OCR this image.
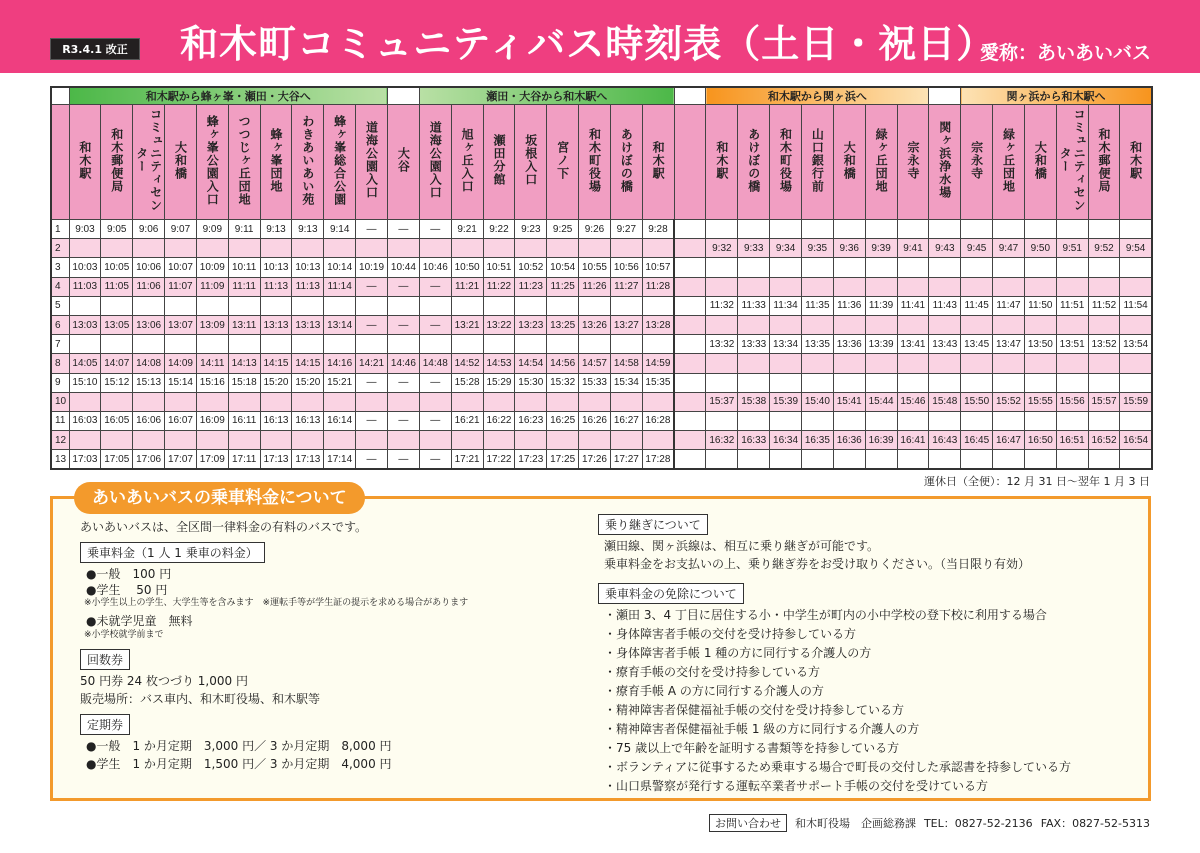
R3.4.1 改正	和木町コミュニティバス時刻表（土日・祝日）
愛称：あいあいバス
	和木駅から蜂ヶ峯・瀬田・大谷へ											瀬田・大谷から和木駅へ									和木駅から関ヶ浜へ								関ヶ浜から和木駅へ					
	和木駅	和木郵便局	コミュニティセンター	大和橋	蜂ヶ峯公園入口	つつじヶ丘団地	蜂ヶ峯団地	わきあいあい苑	蜂ヶ峯総合公園	道海公園入口	大谷	道海公園入口	旭ヶ丘入口	瀬田分館	坂根入口	宮ノ下	和木町役場	あけぼの橋	和木駅		和木駅	あけぼの橋	和木町役場	山口銀行前	大和橋	緑ヶ丘団地	宗永寺	関ヶ浜浄水場	宗永寺	緑ヶ丘団地	大和橋	コミュニティセンター	和木郵便局	和木駅
1	9:03	9:05	9:06	9:07	9:09	9:11	9:13	9:13	9:14	—	—	—	9:21	9:22	9:23	9:25	9:26	9:27	9:28															
2																					9:32	9:33	9:34	9:35	9:36	9:39	9:41	9:43	9:45	9:47	9:50	9:51	9:52	9:54
3	10:03	10:05	10:06	10:07	10:09	10:11	10:13	10:13	10:14	10:19	10:44	10:46	10:50	10:51	10:52	10:54	10:55	10:56	10:57															
4	11:03	11:05	11:06	11:07	11:09	11:11	11:13	11:13	11:14	—	—	—	11:21	11:22	11:23	11:25	11:26	11:27	11:28															
5																					11:32	11:33	11:34	11:35	11:36	11:39	11:41	11:43	11:45	11:47	11:50	11:51	11:52	11:54
6	13:03	13:05	13:06	13:07	13:09	13:11	13:13	13:13	13:14	—	—	—	13:21	13:22	13:23	13:25	13:26	13:27	13:28															
7																					13:32	13:33	13:34	13:35	13:36	13:39	13:41	13:43	13:45	13:47	13:50	13:51	13:52	13:54
8	14:05	14:07	14:08	14:09	14:11	14:13	14:15	14:15	14:16	14:21	14:46	14:48	14:52	14:53	14:54	14:56	14:57	14:58	14:59															
9	15:10	15:12	15:13	15:14	15:16	15:18	15:20	15:20	15:21	—	—	—	15:28	15:29	15:30	15:32	15:33	15:34	15:35															
10																					15:37	15:38	15:39	15:40	15:41	15:44	15:46	15:48	15:50	15:52	15:55	15:56	15:57	15:59
11	16:03	16:05	16:06	16:07	16:09	16:11	16:13	16:13	16:14	—	—	—	16:21	16:22	16:23	16:25	16:26	16:27	16:28															
12																					16:32	16:33	16:34	16:35	16:36	16:39	16:41	16:43	16:45	16:47	16:50	16:51	16:52	16:54
13	17:03	17:05	17:06	17:07	17:09	17:11	17:13	17:13	17:14	—	—	—	17:21	17:22	17:23	17:25	17:26	17:27	17:28															
運休日（全便）：12 月 31 日〜翌年 1 月 3 日
あいあいバスの乗車料金について
あいあいバスは、全区間一律料金の有料のバスです。
乗車料金（1 人 1 乗車の料金）
●一般　100 円
●学生　 50 円
※小学生以上の学生、大学生等を含みます　※運転手等が学生証の提示を求める場合があります
●未就学児童　無料
※小学校就学前まで
回数券
50 円券 24 枚つづり 1,000 円
販売場所：バス車内、和木町役場、和木駅等
定期券
●一般　1 か月定期　3,000 円／ 3 か月定期　8,000 円
●学生　1 か月定期　1,500 円／ 3 か月定期　4,000 円
乗り継ぎについて
瀬田線、関ヶ浜線は、相互に乗り継ぎが可能です。
乗車料金をお支払いの上、乗り継ぎ券をお受け取りください。（当日限り有効）
乗車料金の免除について
・瀬田 3、4 丁目に居住する小・中学生が町内の小中学校の登下校に利用する場合
・身体障害者手帳の交付を受け持参している方
・身体障害者手帳 1 種の方に同行する介護人の方
・療育手帳の交付を受け持参している方
・療育手帳 A の方に同行する介護人の方
・精神障害者保健福祉手帳の交付を受け持参している方
・精神障害者保健福祉手帳 1 級の方に同行する介護人の方
・75 歳以上で年齢を証明する書類等を持参している方
・ボランティアに従事するため乗車する場合で町長の交付した承認書を持参している方
・山口県警察が発行する運転卒業者サポート手帳の交付を受けている方
お問い合わせ	和木町役場　企画総務課 TEL：0827-52-2136 FAX：0827-52-5313
